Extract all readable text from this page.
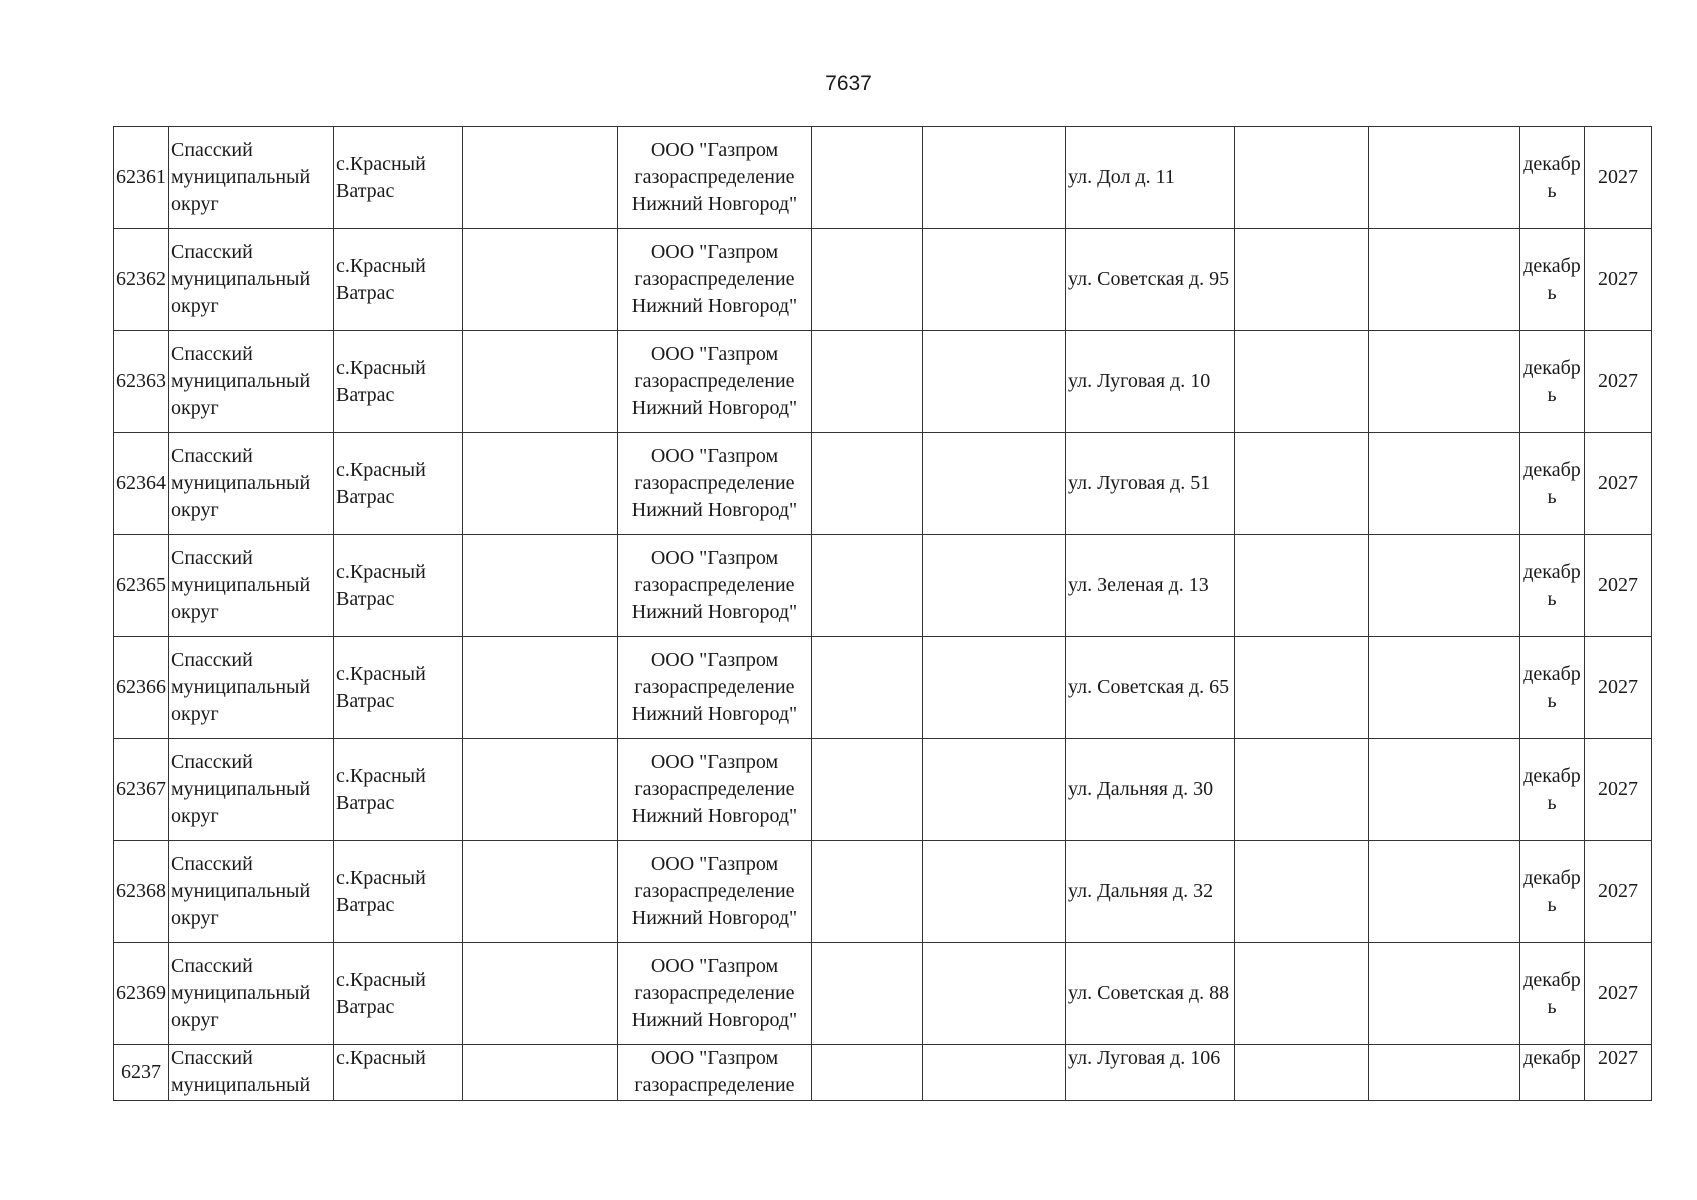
7637
62361	Спасский муниципальный округ	с.Красный Ватрас		ООО "Газпром газораспределение Нижний Новгород"			ул. Дол д. 11			декабрь	2027
62362	Спасский муниципальный округ	с.Красный Ватрас		ООО "Газпром газораспределение Нижний Новгород"			ул. Советская д. 95			декабрь	2027
62363	Спасский муниципальный округ	с.Красный Ватрас		ООО "Газпром газораспределение Нижний Новгород"			ул. Луговая д. 10			декабрь	2027
62364	Спасский муниципальный округ	с.Красный Ватрас		ООО "Газпром газораспределение Нижний Новгород"			ул. Луговая д. 51			декабрь	2027
62365	Спасский муниципальный округ	с.Красный Ватрас		ООО "Газпром газораспределение Нижний Новгород"			ул. Зеленая д. 13			декабрь	2027
62366	Спасский муниципальный округ	с.Красный Ватрас		ООО "Газпром газораспределение Нижний Новгород"			ул. Советская д. 65			декабрь	2027
62367	Спасский муниципальный округ	с.Красный Ватрас		ООО "Газпром газораспределение Нижний Новгород"			ул. Дальняя д. 30			декабрь	2027
62368	Спасский муниципальный округ	с.Красный Ватрас		ООО "Газпром газораспределение Нижний Новгород"			ул. Дальняя д. 32			декабрь	2027
62369	Спасский муниципальный округ	с.Красный Ватрас		ООО "Газпром газораспределение Нижний Новгород"			ул. Советская д. 88			декабрь	2027
6237	Спасский муниципальный	с.Красный		ООО "Газпром газораспределение			ул. Луговая д. 106			декабр	2027
